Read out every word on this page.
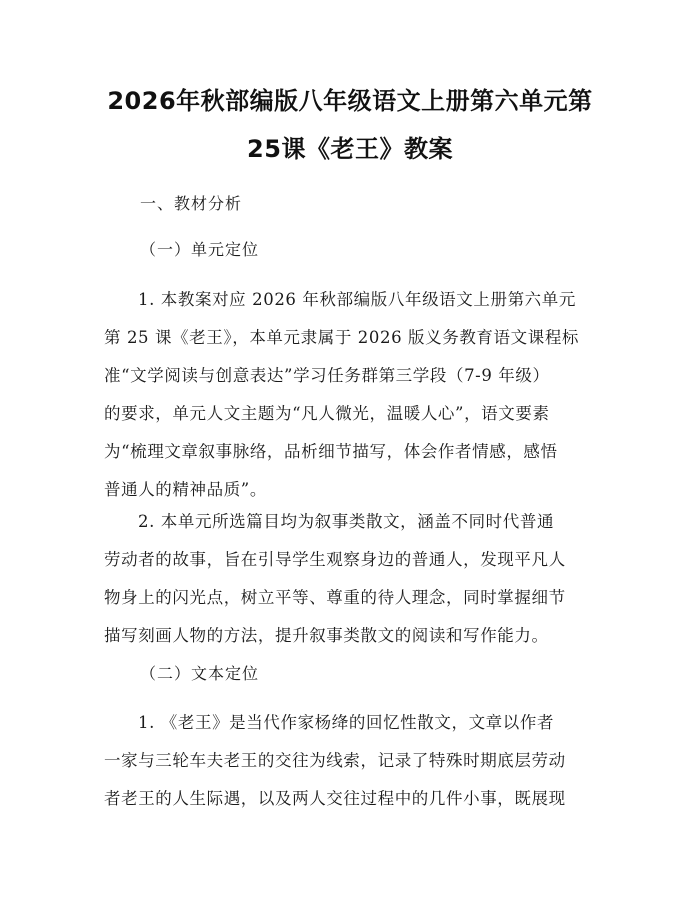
2026年秋部编版八年级语文上册第六单元第
25课《老王》教案
一、教材分析
（一）单元定位
1. 本教案对应 2026 年秋部编版八年级语文上册第六单元
第 25 课《老王》，本单元隶属于 2026 版义务教育语文课程标
准“文学阅读与创意表达”学习任务群第三学段（7-9 年级）
的要求，单元人文主题为“凡人微光，温暖人心”，语文要素
为“梳理文章叙事脉络，品析细节描写，体会作者情感，感悟
普通人的精神品质”。
2. 本单元所选篇目均为叙事类散文，涵盖不同时代普通
劳动者的故事，旨在引导学生观察身边的普通人，发现平凡人
物身上的闪光点，树立平等、尊重的待人理念，同时掌握细节
描写刻画人物的方法，提升叙事类散文的阅读和写作能力。
（二）文本定位
1. 《老王》是当代作家杨绛的回忆性散文，文章以作者
一家与三轮车夫老王的交往为线索，记录了特殊时期底层劳动
者老王的人生际遇，以及两人交往过程中的几件小事，既展现
